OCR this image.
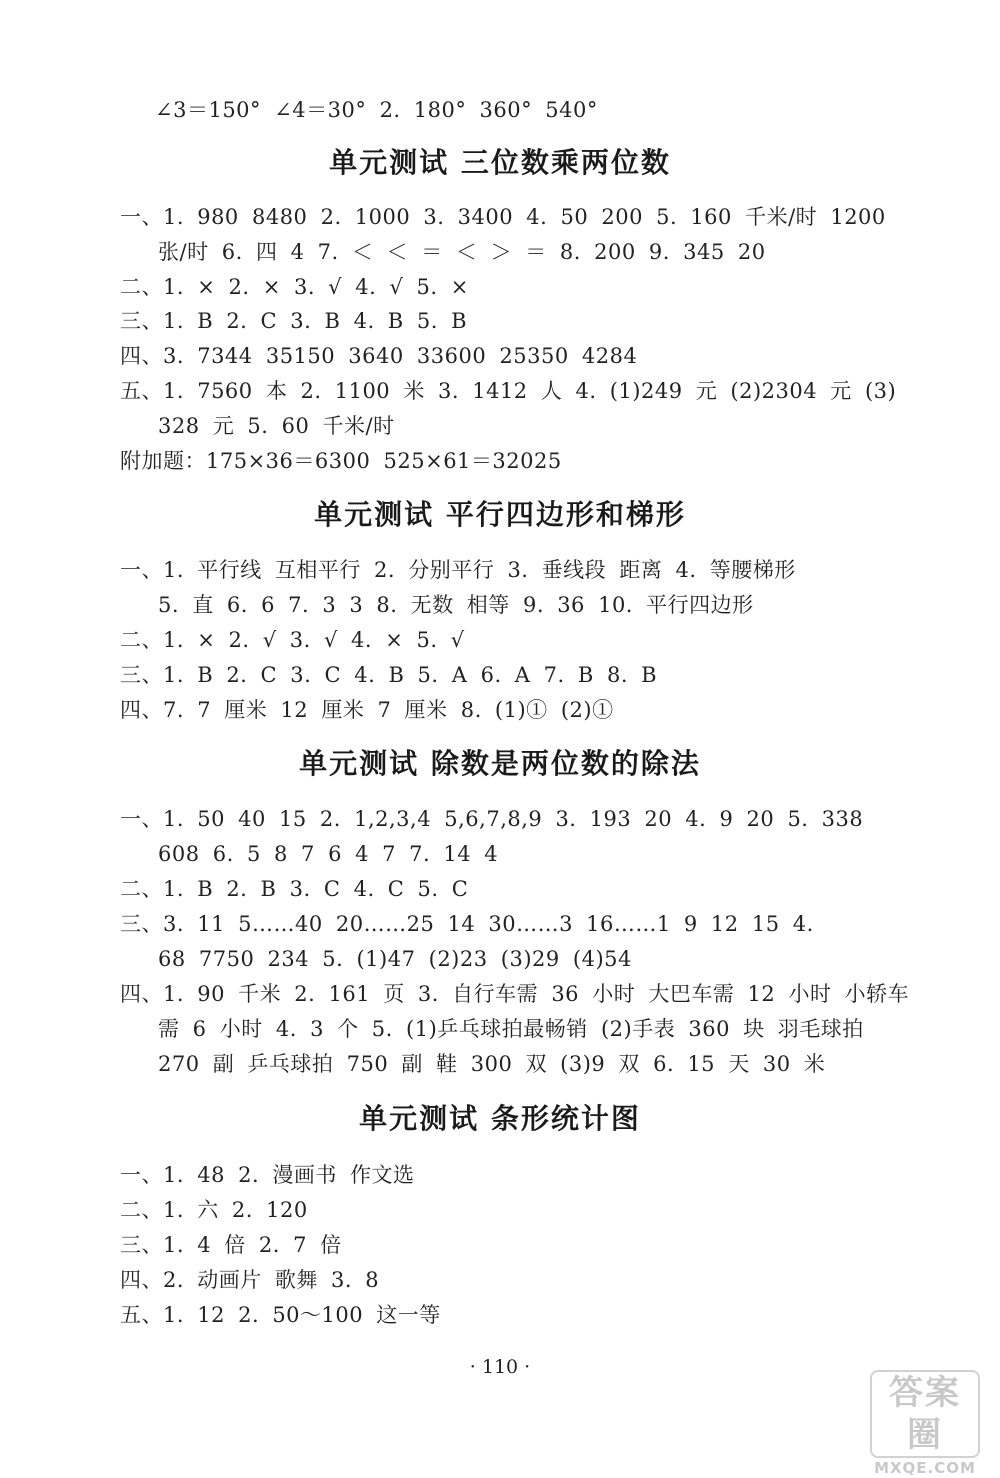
∠3＝150° ∠4＝30° 2. 180° 360° 540°
单元测试 三位数乘两位数
一、1. 980 8480 2. 1000 3. 3400 4. 50 200 5. 160 千米/时 1200
张/时 6. 四 4 7. ＜ ＜ ＝ ＜ ＞ ＝ 8. 200 9. 345 20
二、1. × 2. × 3. √ 4. √ 5. ×
三、1. B 2. C 3. B 4. B 5. B
四、3. 7344 35150 3640 33600 25350 4284
五、1. 7560 本 2. 1100 米 3. 1412 人 4. (1)249 元 (2)2304 元 (3)
328 元 5. 60 千米/时
附加题：175×36＝6300 525×61＝32025
单元测试 平行四边形和梯形
一、1. 平行线 互相平行 2. 分别平行 3. 垂线段 距离 4. 等腰梯形
5. 直 6. 6 7. 3 3 8. 无数 相等 9. 36 10. 平行四边形
二、1. × 2. √ 3. √ 4. × 5. √
三、1. B 2. C 3. C 4. B 5. A 6. A 7. B 8. B
四、7. 7 厘米 12 厘米 7 厘米 8. (1)① (2)①
单元测试 除数是两位数的除法
一、1. 50 40 15 2. 1,2,3,4 5,6,7,8,9 3. 193 20 4. 9 20 5. 338
608 6. 5 8 7 6 4 7 7. 14 4
二、1. B 2. B 3. C 4. C 5. C
三、3. 11 5……40 20……25 14 30……3 16……1 9 12 15 4.
68 7750 234 5. (1)47 (2)23 (3)29 (4)54
四、1. 90 千米 2. 161 页 3. 自行车需 36 小时 大巴车需 12 小时 小轿车
需 6 小时 4. 3 个 5. (1)乒乓球拍最畅销 (2)手表 360 块 羽毛球拍
270 副 乒乓球拍 750 副 鞋 300 双 (3)9 双 6. 15 天 30 米
单元测试 条形统计图
一、1. 48 2. 漫画书 作文选
二、1. 六 2. 120
三、1. 4 倍 2. 7 倍
四、2. 动画片 歌舞 3. 8
五、1. 12 2. 50～100 这一等
· 110 ·
答案圈
MXQE.COM
